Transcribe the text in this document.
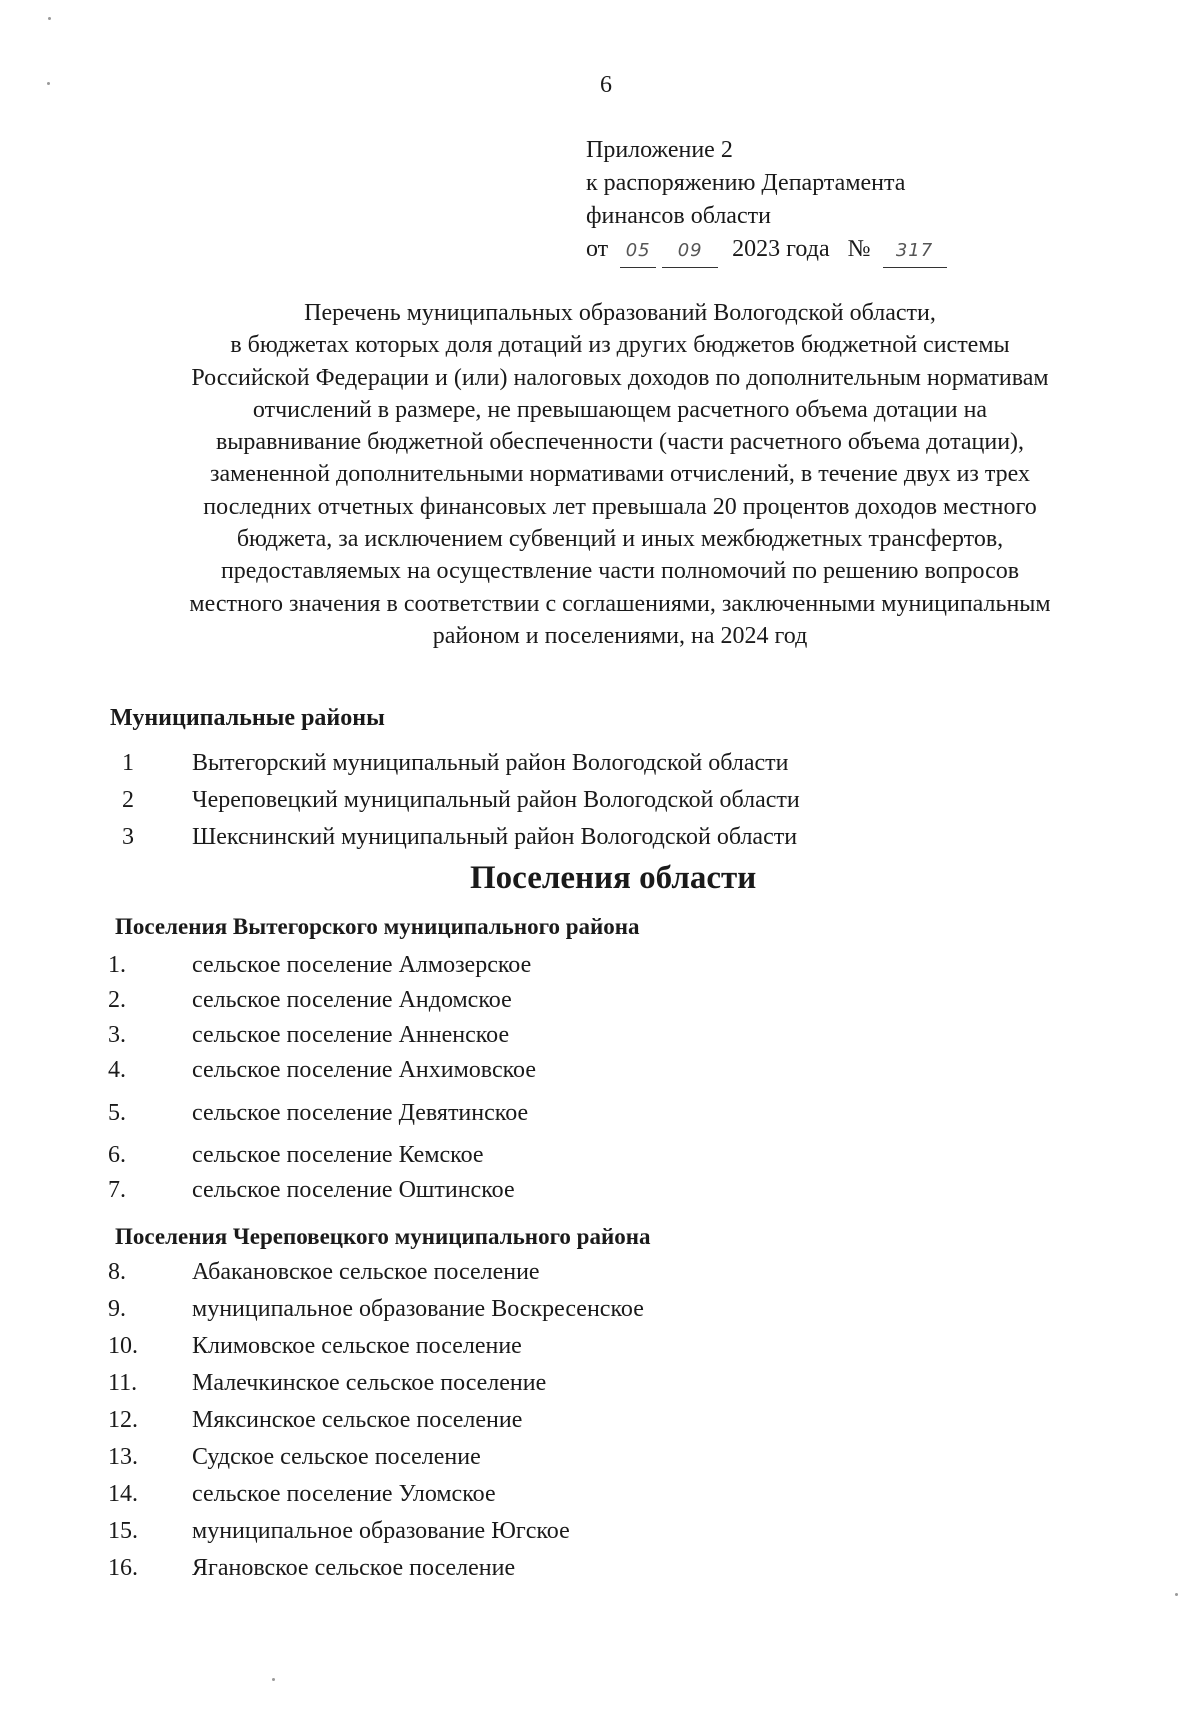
6
Приложение 2
к распоряжению Департамента
финансов области
от 05 09 2023 года № 317
Перечень муниципальных образований Вологодской области,
в бюджетах которых доля дотаций из других бюджетов бюджетной системы
Российской Федерации и (или) налоговых доходов по дополнительным нормативам
отчислений в размере, не превышающем расчетного объема дотации на
выравнивание бюджетной обеспеченности (части расчетного объема дотации),
замененной дополнительными нормативами отчислений, в течение двух из трех
последних отчетных финансовых лет превышала 20 процентов доходов местного
бюджета, за исключением субвенций и иных межбюджетных трансфертов,
предоставляемых на осуществление части полномочий по решению вопросов
местного значения в соответствии с соглашениями, заключенными муниципальным
районом и поселениями, на 2024 год
Муниципальные районы
1 Вытегорский муниципальный район Вологодской области
2 Череповецкий муниципальный район Вологодской области
3 Шекснинский муниципальный район Вологодской области
Поселения области
Поселения Вытегорского муниципального района
1.	сельское поселение Алмозерское
2.	сельское поселение Андомское
3.	сельское поселение Анненское
4.	сельское поселение Анхимовское
5.	сельское поселение Девятинское
6.	сельское поселение Кемское
7.	сельское поселение Оштинское
Поселения Череповецкого муниципального района
8.	Абакановское сельское поселение
9.	муниципальное образование Воскресенское
10. Климовское сельское поселение
11. Малечкинское сельское поселение
12. Мяксинское сельское поселение
13. Судское сельское поселение
14. сельское поселение Уломское
15. муниципальное образование Югское
16. Ягановское сельское поселение
